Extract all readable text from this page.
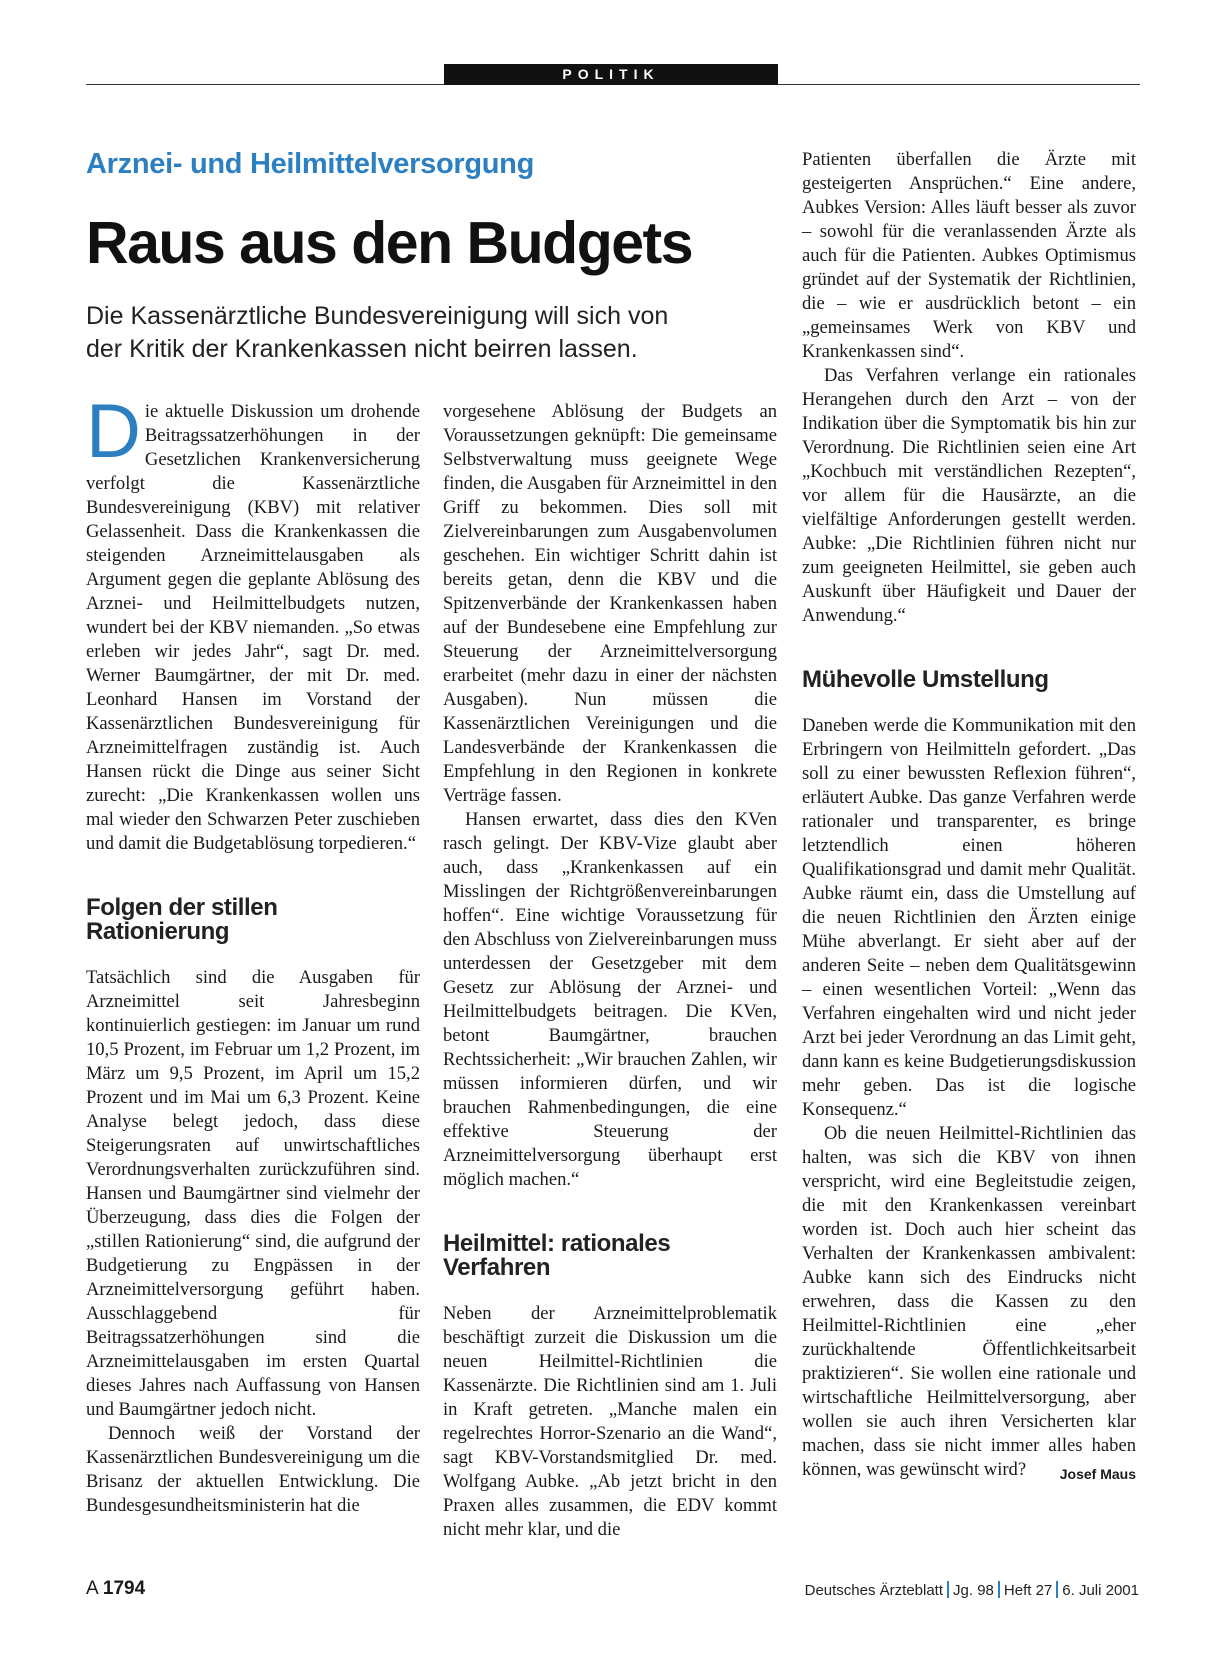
POLITIK
Arznei- und Heilmittelversorgung
Raus aus den Budgets
Die Kassenärztliche Bundesvereinigung will sich von der Kritik der Krankenkassen nicht beirren lassen.

Die aktuelle Diskussion um drohende Beitragssatzerhöhungen in der Gesetzlichen Krankenversicherung verfolgt die Kassenärztliche Bundesvereinigung (KBV) mit relativer Gelassenheit. Dass die Krankenkassen die steigenden Arzneimittelausgaben als Argument gegen die geplante Ablösung des Arznei- und Heilmittelbudgets nutzen, wundert bei der KBV niemanden. „So etwas erleben wir jedes Jahr“, sagt Dr. med. Werner Baumgärtner, der mit Dr. med. Leonhard Hansen im Vorstand der Kassenärztlichen Bundesvereinigung für Arzneimittelfragen zuständig ist. Auch Hansen rückt die Dinge aus seiner Sicht zurecht: „Die Krankenkassen wollen uns mal wieder den Schwarzen Peter zuschieben und damit die Budgetablösung torpedieren.“

Folgen der stillen Rationierung

Tatsächlich sind die Ausgaben für Arzneimittel seit Jahresbeginn kontinuierlich gestiegen: im Januar um rund 10,5 Prozent, im Februar um 1,2 Prozent, im März um 9,5 Prozent, im April um 15,2 Prozent und im Mai um 6,3 Prozent. Keine Analyse belegt jedoch, dass diese Steigerungsraten auf unwirtschaftliches Verordnungsverhalten zurückzuführen sind. Hansen und Baumgärtner sind vielmehr der Überzeugung, dass dies die Folgen der „stillen Rationierung“ sind, die aufgrund der Budgetierung zu Engpässen in der Arzneimittelversorgung geführt haben. Ausschlaggebend für Beitragssatzerhöhungen sind die Arzneimittelausgaben im ersten Quartal dieses Jahres nach Auffassung von Hansen und Baumgärtner jedoch nicht.

Dennoch weiß der Vorstand der Kassenärztlichen Bundesvereinigung um die Brisanz der aktuellen Entwicklung. Die Bundesgesundheitsministerin hat die

vorgesehene Ablösung der Budgets an Voraussetzungen geknüpft: Die gemeinsame Selbstverwaltung muss geeignete Wege finden, die Ausgaben für Arzneimittel in den Griff zu bekommen. Dies soll mit Zielvereinbarungen zum Ausgabenvolumen geschehen. Ein wichtiger Schritt dahin ist bereits getan, denn die KBV und die Spitzenverbände der Krankenkassen haben auf der Bundesebene eine Empfehlung zur Steuerung der Arzneimittelversorgung erarbeitet (mehr dazu in einer der nächsten Ausgaben). Nun müssen die Kassenärztlichen Vereinigungen und die Landesverbände der Krankenkassen die Empfehlung in den Regionen in konkrete Verträge fassen.

Hansen erwartet, dass dies den KVen rasch gelingt. Der KBV-Vize glaubt aber auch, dass „Krankenkassen auf ein Misslingen der Richtgrößenvereinbarungen hoffen“. Eine wichtige Voraussetzung für den Abschluss von Zielvereinbarungen muss unterdessen der Gesetzgeber mit dem Gesetz zur Ablösung der Arznei- und Heilmittelbudgets beitragen. Die KVen, betont Baumgärtner, brauchen Rechtssicherheit: „Wir brauchen Zahlen, wir müssen informieren dürfen, und wir brauchen Rahmenbedingungen, die eine effektive Steuerung der Arzneimittelversorgung überhaupt erst möglich machen.“

Heilmittel: rationales Verfahren

Neben der Arzneimittelproblematik beschäftigt zurzeit die Diskussion um die neuen Heilmittel-Richtlinien die Kassenärzte. Die Richtlinien sind am 1. Juli in Kraft getreten. „Manche malen ein regelrechtes Horror-Szenario an die Wand“, sagt KBV-Vorstandsmitglied Dr. med. Wolfgang Aubke. „Ab jetzt bricht in den Praxen alles zusammen, die EDV kommt nicht mehr klar, und die

Patienten überfallen die Ärzte mit gesteigerten Ansprüchen.“ Eine andere, Aubkes Version: Alles läuft besser als zuvor – sowohl für die veranlassenden Ärzte als auch für die Patienten. Aubkes Optimismus gründet auf der Systematik der Richtlinien, die – wie er ausdrücklich betont – ein „gemeinsames Werk von KBV und Krankenkassen sind“.

Das Verfahren verlange ein rationales Herangehen durch den Arzt – von der Indikation über die Symptomatik bis hin zur Verordnung. Die Richtlinien seien eine Art „Kochbuch mit verständlichen Rezepten“, vor allem für die Hausärzte, an die vielfältige Anforderungen gestellt werden. Aubke: „Die Richtlinien führen nicht nur zum geeigneten Heilmittel, sie geben auch Auskunft über Häufigkeit und Dauer der Anwendung.“

Mühevolle Umstellung

Daneben werde die Kommunikation mit den Erbringern von Heilmitteln gefordert. „Das soll zu einer bewussten Reflexion führen“, erläutert Aubke. Das ganze Verfahren werde rationaler und transparenter, es bringe letztendlich einen höheren Qualifikationsgrad und damit mehr Qualität. Aubke räumt ein, dass die Umstellung auf die neuen Richtlinien den Ärzten einige Mühe abverlangt. Er sieht aber auf der anderen Seite – neben dem Qualitätsgewinn – einen wesentlichen Vorteil: „Wenn das Verfahren eingehalten wird und nicht jeder Arzt bei jeder Verordnung an das Limit geht, dann kann es keine Budgetierungsdiskussion mehr geben. Das ist die logische Konsequenz.“

Ob die neuen Heilmittel-Richtlinien das halten, was sich die KBV von ihnen verspricht, wird eine Begleitstudie zeigen, die mit den Krankenkassen vereinbart worden ist. Doch auch hier scheint das Verhalten der Krankenkassen ambivalent: Aubke kann sich des Eindrucks nicht erwehren, dass die Kassen zu den Heilmittel-Richtlinien eine „eher zurückhaltende Öffentlichkeitsarbeit praktizieren“. Sie wollen eine rationale und wirtschaftliche Heilmittelversorgung, aber wollen sie auch ihren Versicherten klar machen, dass sie nicht immer alles haben können, was gewünscht wird?	Josef Maus

A 1794	Deutsches Ärzteblatt Jg. 98 Heft 27 6. Juli 2001
